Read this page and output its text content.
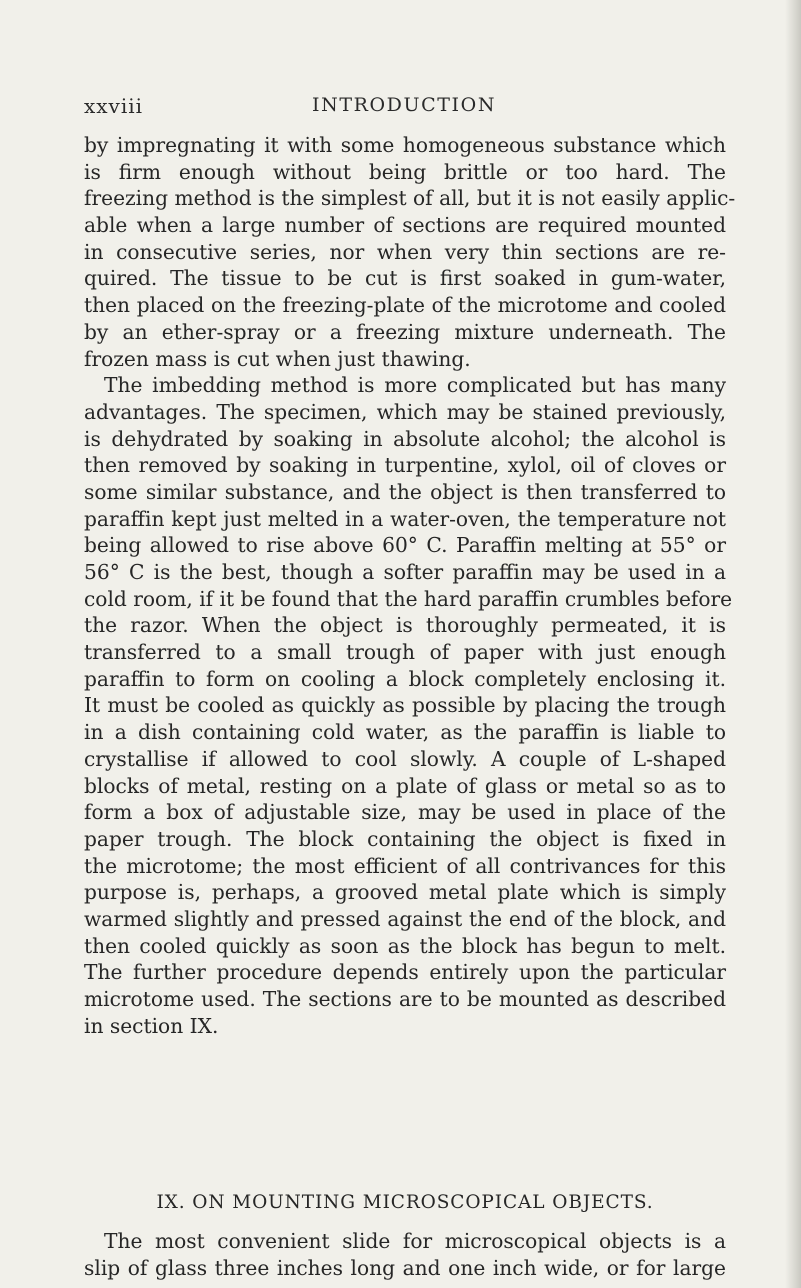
xxviii	INTRODUCTION
by impregnating it with some homogeneous substance which
is firm enough without being brittle or too hard. The
freezing method is the simplest of all, but it is not easily applic-
able when a large number of sections are required mounted
in consecutive series, nor when very thin sections are re-
quired. The tissue to be cut is first soaked in gum-water,
then placed on the freezing-plate of the microtome and cooled
by an ether-spray or a freezing mixture underneath. The
frozen mass is cut when just thawing.
The imbedding method is more complicated but has many
advantages. The specimen, which may be stained previously,
is dehydrated by soaking in absolute alcohol; the alcohol is
then removed by soaking in turpentine, xylol, oil of cloves or
some similar substance, and the object is then transferred to
paraffin kept just melted in a water-oven, the temperature not
being allowed to rise above 60° C. Paraffin melting at 55° or
56° C is the best, though a softer paraffin may be used in a
cold room, if it be found that the hard paraffin crumbles before
the razor. When the object is thoroughly permeated, it is
transferred to a small trough of paper with just enough
paraffin to form on cooling a block completely enclosing it.
It must be cooled as quickly as possible by placing the trough
in a dish containing cold water, as the paraffin is liable to
crystallise if allowed to cool slowly. A couple of L-shaped
blocks of metal, resting on a plate of glass or metal so as to
form a box of adjustable size, may be used in place of the
paper trough. The block containing the object is fixed in
the microtome; the most efficient of all contrivances for this
purpose is, perhaps, a grooved metal plate which is simply
warmed slightly and pressed against the end of the block, and
then cooled quickly as soon as the block has begun to melt.
The further procedure depends entirely upon the particular
microtome used. The sections are to be mounted as described
in section IX.
IX. ON MOUNTING MICROSCOPICAL OBJECTS.
The most convenient slide for microscopical objects is a
slip of glass three inches long and one inch wide, or for large
